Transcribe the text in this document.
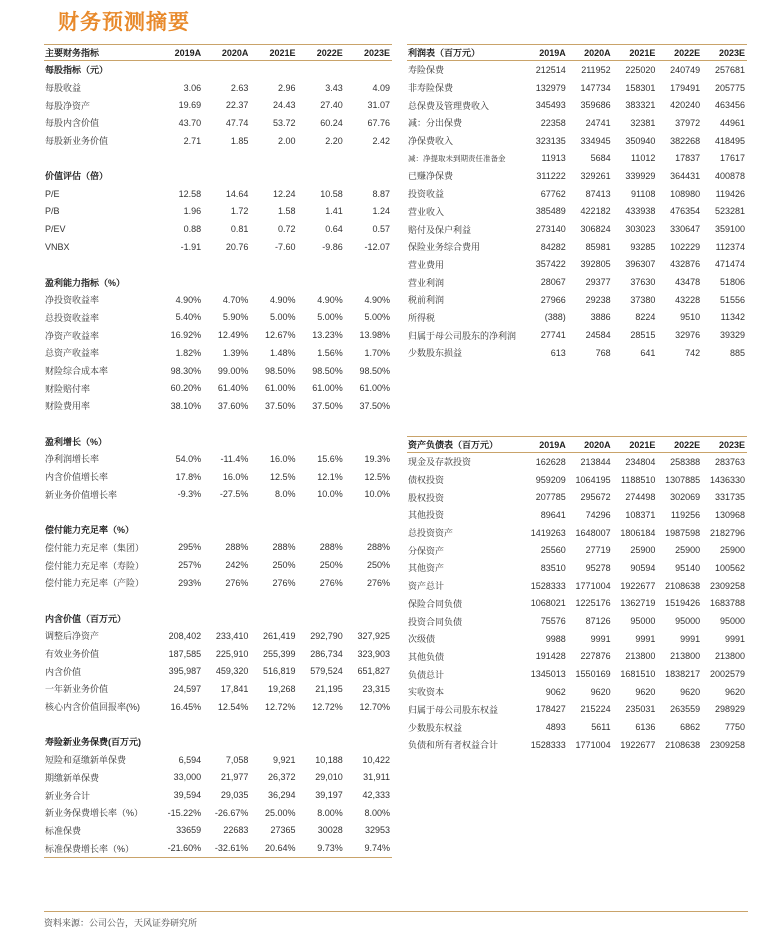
财务预测摘要
主要财务指标	2019A	2020A	2021E	2022E	2023E
每股指标（元）					
每股收益	3.06	2.63	2.96	3.43	4.09
每股净资产	19.69	22.37	24.43	27.40	31.07
每股内含价值	43.70	47.74	53.72	60.24	67.76
每股新业务价值	2.71	1.85	2.00	2.20	2.42

价值评估（倍）					
P/E	12.58	14.64	12.24	10.58	8.87
P/B	1.96	1.72	1.58	1.41	1.24
P/EV	0.88	0.81	0.72	0.64	0.57
VNBX	-1.91	20.76	-7.60	-9.86	-12.07

盈利能力指标（%）					
净投资收益率	4.90%	4.70%	4.90%	4.90%	4.90%
总投资收益率	5.40%	5.90%	5.00%	5.00%	5.00%
净资产收益率	16.92%	12.49%	12.67%	13.23%	13.98%
总资产收益率	1.82%	1.39%	1.48%	1.56%	1.70%
财险综合成本率	98.30%	99.00%	98.50%	98.50%	98.50%
财险赔付率	60.20%	61.40%	61.00%	61.00%	61.00%
财险费用率	38.10%	37.60%	37.50%	37.50%	37.50%

盈利增长（%）					
净利润增长率	54.0%	-11.4%	16.0%	15.6%	19.3%
内含价值增长率	17.8%	16.0%	12.5%	12.1%	12.5%
新业务价值增长率	-9.3%	-27.5%	8.0%	10.0%	10.0%

偿付能力充足率（%）					
偿付能力充足率（集团）	295%	288%	288%	288%	288%
偿付能力充足率（寿险）	257%	242%	250%	250%	250%
偿付能力充足率（产险）	293%	276%	276%	276%	276%

内含价值（百万元）					
调整后净资产	208,402	233,410	261,419	292,790	327,925
有效业务价值	187,585	225,910	255,399	286,734	323,903
内含价值	395,987	459,320	516,819	579,524	651,827
一年新业务价值	24,597	17,841	19,268	21,195	23,315
核心内含价值回报率(%)	16.45%	12.54%	12.72%	12.72%	12.70%

寿险新业务保费(百万元)					
短险和趸缴新单保费	6,594	7,058	9,921	10,188	10,422
期缴新单保费	33,000	21,977	26,372	29,010	31,911
新业务合计	39,594	29,035	36,294	39,197	42,333
新业务保费增长率（%）	-15.22%	-26.67%	25.00%	8.00%	8.00%
标准保费	33659	22683	27365	30028	32953
标准保费增长率（%）	-21.60%	-32.61%	20.64%	9.73%	9.74%
利润表（百万元）	2019A	2020A	2021E	2022E	2023E
寿险保费	212514	211952	225020	240749	257681
非寿险保费	132979	147734	158301	179491	205775
总保费及管理费收入	345493	359686	383321	420240	463456
减：分出保费	22358	24741	32381	37972	44961
净保费收入	323135	334945	350940	382268	418495
减：净提取未到期责任准备金	11913	5684	11012	17837	17617
已赚净保费	311222	329261	339929	364431	400878
投资收益	67762	87413	91108	108980	119426
营业收入	385489	422182	433938	476354	523281
赔付及保户利益	273140	306824	303023	330647	359100
保险业务综合费用	84282	85981	93285	102229	112374
营业费用	357422	392805	396307	432876	471474
营业利润	28067	29377	37630	43478	51806
税前利润	27966	29238	37380	43228	51556
所得税	(388)	3886	8224	9510	11342
归属于母公司股东的净利润	27741	24584	28515	32976	39329
少数股东损益	613	768	641	742	885
资产负债表（百万元）	2019A	2020A	2021E	2022E	2023E
现金及存款投资	162628	213844	234804	258388	283763
债权投资	959209	1064195	1188510	1307885	1436330
股权投资	207785	295672	274498	302069	331735
其他投资	89641	74296	108371	119256	130968
总投资资产	1419263	1648007	1806184	1987598	2182796
分保资产	25560	27719	25900	25900	25900
其他资产	83510	95278	90594	95140	100562
资产总计	1528333	1771004	1922677	2108638	2309258
保险合同负债	1068021	1225176	1362719	1519426	1683788
投资合同负债	75576	87126	95000	95000	95000
次级债	9988	9991	9991	9991	9991
其他负债	191428	227876	213800	213800	213800
负债总计	1345013	1550169	1681510	1838217	2002579
实收资本	9062	9620	9620	9620	9620
归属于母公司股东权益	178427	215224	235031	263559	298929
少数股东权益	4893	5611	6136	6862	7750
负债和所有者权益合计	1528333	1771004	1922677	2108638	2309258
资料来源：公司公告，天风证券研究所
